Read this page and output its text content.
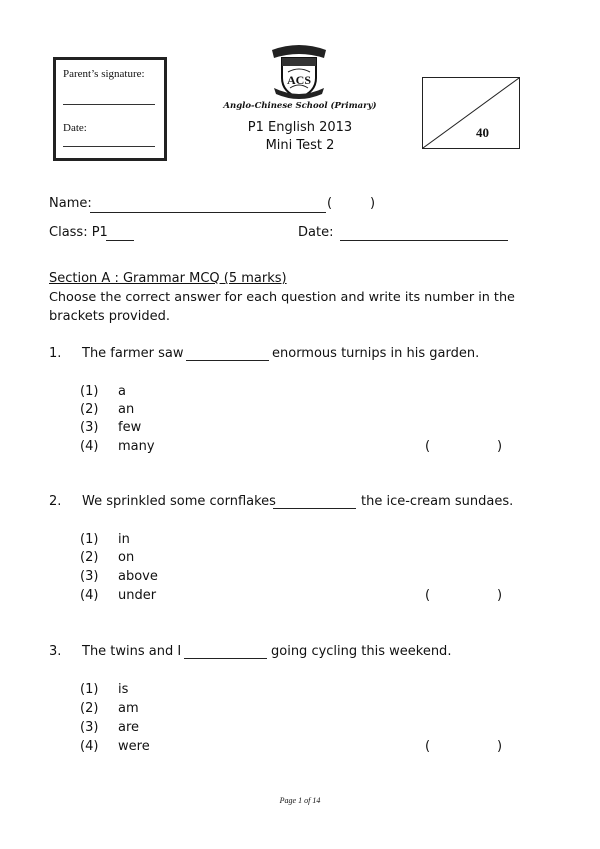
Parent’s signature:
Date:
ACS
Anglo-Chinese School (Primary)
P1 English 2013
Mini Test 2
40
Name:	(	)
Class: P1	Date:
Section A : Grammar MCQ (5 marks)
Choose the correct answer for each question and write its number in the
brackets provided.
1. The farmer saw	enormous turnips in his garden.
(1) a
(2) an
(3) few
(4) many	(	)
2. We sprinkled some cornflakes	the ice-cream sundaes.
(1) in
(2) on
(3) above
(4) under	(	)
3. The twins and I	going cycling this weekend.
(1) is
(2) am
(3) are
(4) were	(	)
Page 1 of 14
